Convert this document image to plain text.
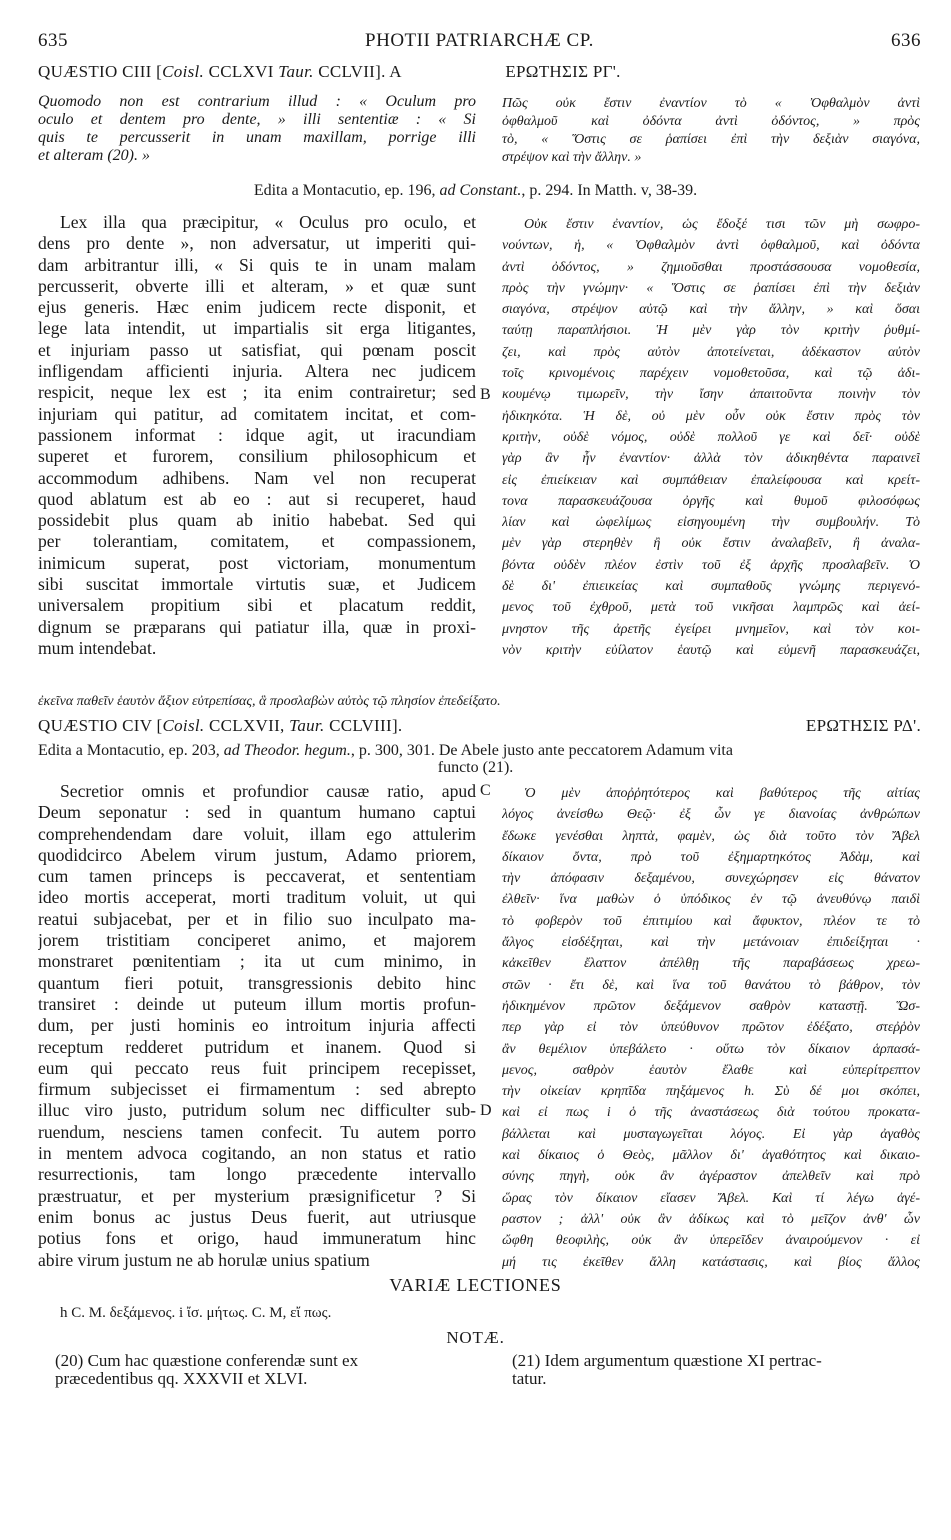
635	PHOTII PATRIARCHÆ CP.	636
QUÆSTIO CIII [Coisl. CCLXVI Taur. CCLVII]. A	ΕΡΩΤΗΣΙΣ ΡΓ'.
Quomodo non est contrarium illud : « Oculum pro
oculo et dentem pro dente, » illi sententiæ : « Si
quis te percusserit in unam maxillam, porrige illi
et alteram (20). »
Πῶς οὐκ ἔστιν ἐναντίον τὸ « Ὀφθαλμὸν ἀντὶ
ὀφθαλμοῦ καὶ ὀδόντα ἀντὶ ὀδόντος, » πρὸς
τὸ, « Ὅστις σε ῥαπίσει ἐπὶ τὴν δεξιὰν σιαγόνα,
στρέψον καὶ τὴν ἄλλην. »
Edita a Montacutio, ep. 196, ad Constant., p. 294. In Matth. v, 38-39.
Lex illa qua præcipitur, « Oculus pro oculo, et
dens pro dente », non adversatur, ut imperiti qui-
dam arbitrantur illi, « Si quis te in unam malam
percusserit, obverte illi et alteram, » et quæ sunt
ejus generis. Hæc enim judicem recte disponit, et
lege lata intendit, ut impartialis sit erga litigantes,
et injuriam passo ut satisfiat, qui pœnam poscit
infligendam afficienti injuria. Altera nec judicem
respicit, neque lex est ; ita enim contrairetur; sed
injuriam qui patitur, ad comitatem incitat, et com-
passionem informat : idque agit, ut iracundiam
superet et furorem, consilium philosophicum et
accommodum adhibens. Nam vel non recuperat
quod ablatum est ab eo : aut si recuperet, haud
possidebit plus quam ab initio habebat. Sed qui
per tolerantiam, comitatem, et compassionem,
inimicum superat, post victoriam, monumentum
sibi suscitat immortale virtutis suæ, et Judicem
universalem propitium sibi et placatum reddit,
dignum se præparans qui patiatur illa, quæ in proxi-
mum intendebat.
Οὐκ ἔστιν ἐναντίον, ὡς ἔδοξέ τισι τῶν μὴ σωφρο-
νούντων, ἡ, « Ὀφθαλμὸν ἀντὶ ὀφθαλμοῦ, καὶ ὀδόντα
ἀντὶ ὀδόντος, » ζημιοῦσθαι προστάσσουσα νομοθεσία,
πρὸς τὴν γνώμην· « Ὅστις σε ῥαπίσει ἐπὶ τὴν δεξιὰν
σιαγόνα, στρέψον αὐτῷ καὶ τὴν ἄλλην, » καὶ ὅσαι
ταύτῃ παραπλήσιοι. Ἡ μὲν γὰρ τὸν κριτὴν ῥυθμί-
ζει, καὶ πρὸς αὐτὸν ἀποτείνεται, ἀδέκαστον αὐτὸν
τοῖς κρινομένοις παρέχειν νομοθετοῦσα, καὶ τῷ ἀδι-
κουμένῳ τιμωρεῖν, τὴν ἴσην ἀπαιτοῦντα ποινὴν τὸν
ἠδικηκότα. Ἡ δὲ, οὐ μὲν οὖν οὐκ ἔστιν πρὸς τὸν
κριτὴν, οὐδὲ νόμος, οὐδὲ πολλοῦ γε καὶ δεῖ· οὐδὲ
γὰρ ἂν ἦν ἐναντίον· ἀλλὰ τὸν ἀδικηθέντα παραινεῖ
εἰς ἐπιείκειαν καὶ συμπάθειαν ἐπαλείφουσα καὶ κρείτ-
τονα παρασκευάζουσα ὀργῆς καὶ θυμοῦ φιλοσόφως
λίαν καὶ ὠφελίμως εἰσηγουμένη τὴν συμβουλήν. Τὸ
μὲν γὰρ στερηθὲν ἢ οὐκ ἔστιν ἀναλαβεῖν, ἢ ἀναλα-
βόντα οὐδὲν πλέον ἐστὶν τοῦ ἐξ ἀρχῆς προσλαβεῖν. Ὁ
δὲ δι' ἐπιεικείας καὶ συμπαθοῦς γνώμης περιγενό-
μενος τοῦ ἐχθροῦ, μετὰ τοῦ νικῆσαι λαμπρῶς καὶ ἀεί-
μνηστον τῆς ἀρετῆς ἐγείρει μνημεῖον, καὶ τὸν κοι-
νὸν κριτὴν εὐίλατον ἑαυτῷ καὶ εὐμενῆ παρασκευάζει,
B
ἐκεῖνα παθεῖν ἑαυτὸν ἄξιον εὐτρεπίσας, ἃ προσλαβὼν αὐτὸς τῷ πλησίον ἐπεδείξατο.
QUÆSTIO CIV [Coisl. CCLXVII, Taur. CCLVIII].	ΕΡΩΤΗΣΙΣ ΡΔ'.
Edita a Montacutio, ep. 203, ad Theodor. hegum., p. 300, 301. De Abele justo ante peccatorem Adamum vita
functo (21).
Secretior omnis et profundior causæ ratio, apud
Deum seponatur : sed in quantum humano captui
comprehendendam dare voluit, illam ego attulerim
quodidcirco Abelem virum justum, Adamo priorem,
cum tamen princeps is peccaverat, et sententiam
ideo mortis acceperat, morti traditum voluit, ut qui
reatui subjacebat, per et in filio suo inculpato ma-
jorem tristitiam conciperet animo, et majorem
monstraret pœnitentiam ; ita ut cum minimo, in
quantum fieri potuit, transgressionis debito hinc
transiret : deinde ut puteum illum mortis profun-
dum, per justi hominis eo introitum injuria affecti
receptum redderet putridum et inanem. Quod si
eum qui peccato reus fuit principem recepisset,
firmum subjecisset ei firmamentum : sed abrepto
illuc viro justo, putridum solum nec difficulter sub-
ruendum, nesciens tamen confecit. Tu autem porro
in mentem advoca cogitando, an non status et ratio
resurrectionis, tam longo præcedente intervallo
præstruatur, et per mysterium præsignificetur ? Si
enim bonus ac justus Deus fuerit, aut utriusque
potius fons et origo, haud immuneratum hinc
abire virum justum ne ab horulæ unius spatium
Ὁ μὲν ἀποῤῥητότερος καὶ βαθύτερος τῆς αἰτίας
λόγος ἀνείσθω Θεῷ· ἐξ ὧν γε διανοίας ἀνθρώπων
ἔδωκε γενέσθαι ληπτὰ, φαμὲν, ὡς διὰ τοῦτο τὸν Ἄβελ
δίκαιον ὄντα, πρὸ τοῦ ἐξημαρτηκότος Ἀδὰμ, καὶ
τὴν ἀπόφασιν δεξαμένου, συνεχώρησεν εἰς θάνατον
ἐλθεῖν· ἵνα μαθὼν ὁ ὑπόδικος ἐν τῷ ἀνευθύνῳ παιδὶ
τὸ φοβερὸν τοῦ ἐπιτιμίου καὶ ἄφυκτον, πλέον τε τὸ
ἄλγος εἰσδέξηται, καὶ τὴν μετάνοιαν ἐπιδείξηται ·
κἀκεῖθεν ἔλαττον ἀπέλθῃ τῆς παραβάσεως χρεω-
στῶν · ἔτι δὲ, καὶ ἵνα τοῦ θανάτου τὸ βάθρον, τὸν
ἠδικημένον πρῶτον δεξάμενον σαθρὸν καταστῇ. Ὥσ-
περ γὰρ εἰ τὸν ὑπεύθυνον πρῶτον ἐδέξατο, στεῤῥὸν
ἂν θεμέλιον ὑπεβάλετο · οὕτω τὸν δίκαιον ἁρπασά-
μενος, σαθρὸν ἑαυτὸν ἔλαθε καὶ εὐπερίτρεπτον
τὴν οἰκείαν κρηπῖδα πηξάμενος h. Σὺ δέ μοι σκόπει,
καὶ εἰ πως i ὁ τῆς ἀναστάσεως διὰ τούτου προκατα-
βάλλεται καὶ μυσταγωγεῖται λόγος. Εἰ γὰρ ἀγαθὸς
καὶ δίκαιος ὁ Θεὸς, μᾶλλον δι' ἀγαθότητος καὶ δικαιο-
σύνης πηγὴ, οὐκ ἂν ἀγέραστον ἀπελθεῖν καὶ πρὸ
ὥρας τὸν δίκαιον εἴασεν Ἄβελ. Καὶ τί λέγω ἀγέ-
ραστον ; ἀλλ' οὐκ ἂν ἀδίκως καὶ τὸ μεῖζον ἀνθ' ὧν
ὤφθη θεοφιλὴς, οὐκ ἂν ὑπερεῖδεν ἀναιρούμενον · εἰ
μή τις ἐκεῖθεν ἄλλη κατάστασις, καὶ βίος ἄλλος
C
D
VARIÆ LECTIONES
h C. M. δεξάμενος. i ἴσ. μήτως. C. M, εἴ πως.
NOTÆ.
(20) Cum hac quæstione conferendæ sunt ex
præcedentibus qq. XXXVII et XLVI.
(21) Idem argumentum quæstione XI pertrac-
tatur.
